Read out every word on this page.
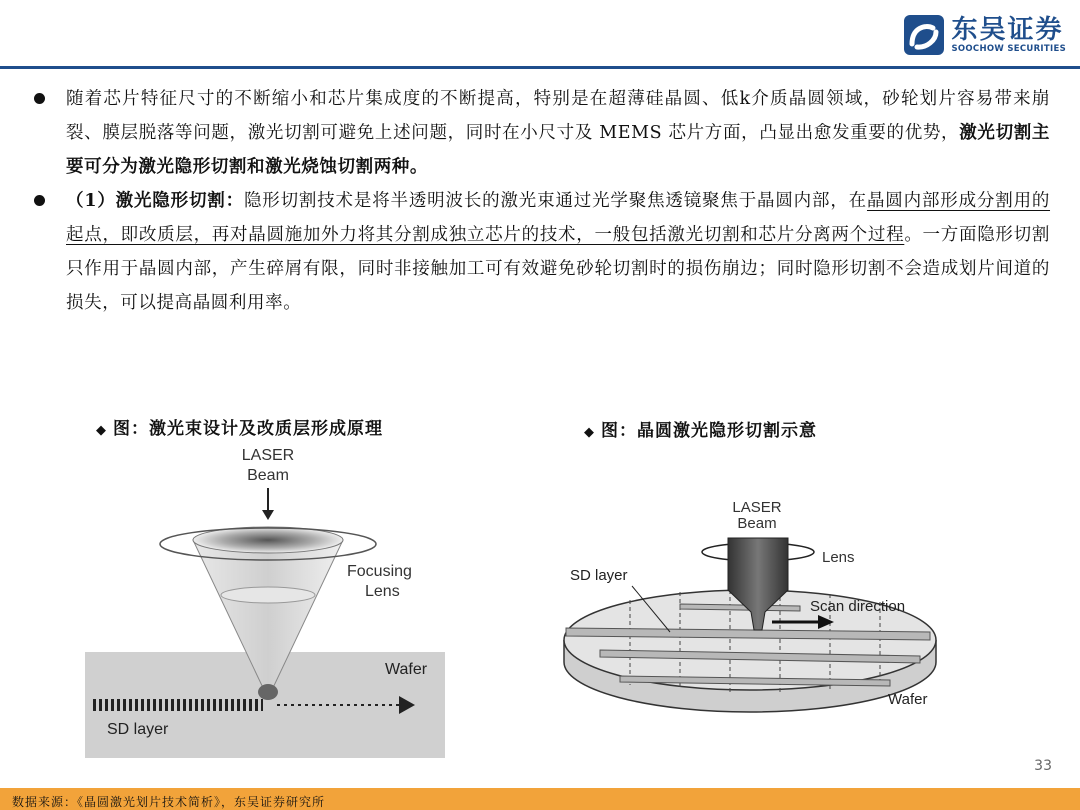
东吴证券
SOOCHOW SECURITIES
随着芯片特征尺寸的不断缩小和芯片集成度的不断提高，特别是在超薄硅晶圆、低k介质晶圆领域，砂轮划片容易带来崩裂、膜层脱落等问题，激光切割可避免上述问题，同时在小尺寸及 MEMS 芯片方面，凸显出愈发重要的优势，激光切割主要可分为激光隐形切割和激光烧蚀切割两种。
（1）激光隐形切割：隐形切割技术是将半透明波长的激光束通过光学聚焦透镜聚焦于晶圆内部，在晶圆内部形成分割用的起点，即改质层，再对晶圆施加外力将其分割成独立芯片的技术，一般包括激光切割和芯片分离两个过程。一方面隐形切割只作用于晶圆内部，产生碎屑有限，同时非接触加工可有效避免砂轮切割时的损伤崩边；同时隐形切割不会造成划片间道的损失，可以提高晶圆利用率。
◆ 图：激光束设计及改质层形成原理	◆ 图：晶圆激光隐形切割示意
LASER
Beam
Focusing
Lens
Wafer
SD layer
LASER
Beam
Lens
SD layer
Scan direction
Wafer
33
数据来源：《晶圆激光划片技术简析》，东吴证券研究所
